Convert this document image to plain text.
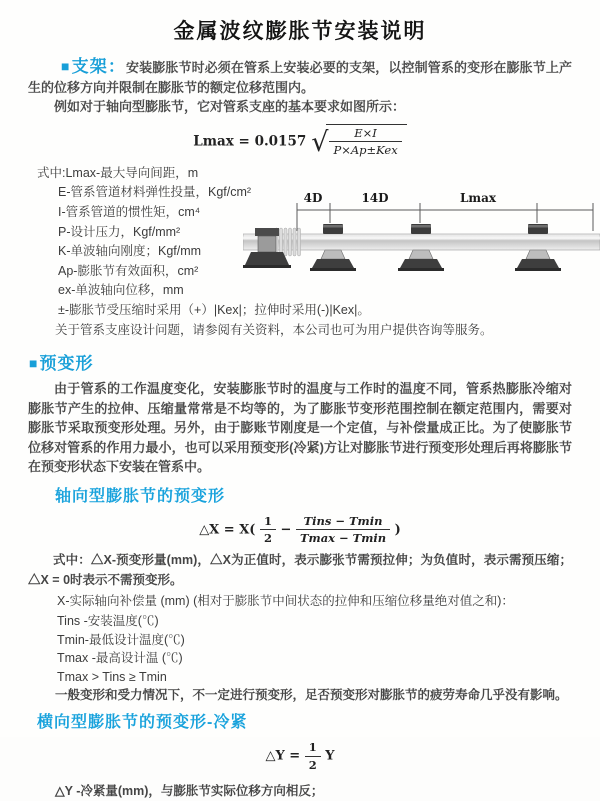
金属波纹膨胀节安装说明

■支架：安装膨胀节时必须在管系上安装必要的支架，以控制管系的变形在膨胀节上产生的位移方向并限制在膨胀节的额定位移范围内。

例如对于轴向型膨胀节，它对管系支座的基本要求如图所示：

Lmax = 0.0157 √ $\frac{E\times I}{\text{P×Ap±Kex}}$
式中:Lmax-最大导向间距，m
E-管系管道材料弹性投量，Kgf/cm²
I-管系管道的惯性矩，cm⁴
P-设计压力，Kgf/mm²
K-单波轴向刚度；Kgf/mm
Ap-膨胀节有效面积，cm²
ex-单波轴向位移，mm
±-膨胀节受压缩时采用（+）|Kex|；拉伸时采用(-)|Kex|。
关于管系支座设计问题，请参阅有关资料，本公司也可为用户提供咨询等服务。
4D	14D	Lmax
■预变形

由于管系的工作温度变化，安装膨胀节时的温度与工作时的温度不同，管系热膨胀冷缩对膨胀节产生的拉伸、压缩量常常是不均等的，为了膨胀节变形范围控制在额定范围内，需要对膨胀节采取预变形处理。另外，由于膨账节刚度是一个定值，与补偿量成正比。为了使膨胀节位移对管系的作用力最小，也可以采用预变形(冷紧)方让对膨胀节进行预变形处理后再将膨胀节在预变形状态下安装在管系中。

轴向型膨胀节的预变形
△X = $X( \frac{1}{2} - \frac{\text{Tins − Tmin}}{Tmax - Tmin}$ )

式中：△X-预变形量(mm)，△X为正值时，表示膨张节需预拉伸；为负值时，表示需预压缩；△X = 0时表示不需预变形。

X-实际轴向补偿量 (mm) (相对于膨胀节中间状态的拉伸和压缩位移量绝对值之和)：
Tins -安装温度(℃)
Tmin-最低设计温度(℃)
Tmax -最高设计温 (℃)
Tmax > Tins ≥ Tmin
一般变形和受力情况下，不一定进行预变形，足否预变形对膨胀节的疲劳寿命几乎没有影响。
横向型膨胀节的预变形-冷紧
△Y = $\frac{1}{2}$ Y
△Y -冷紧量(mm)，与膨胀节实际位移方向相反；
